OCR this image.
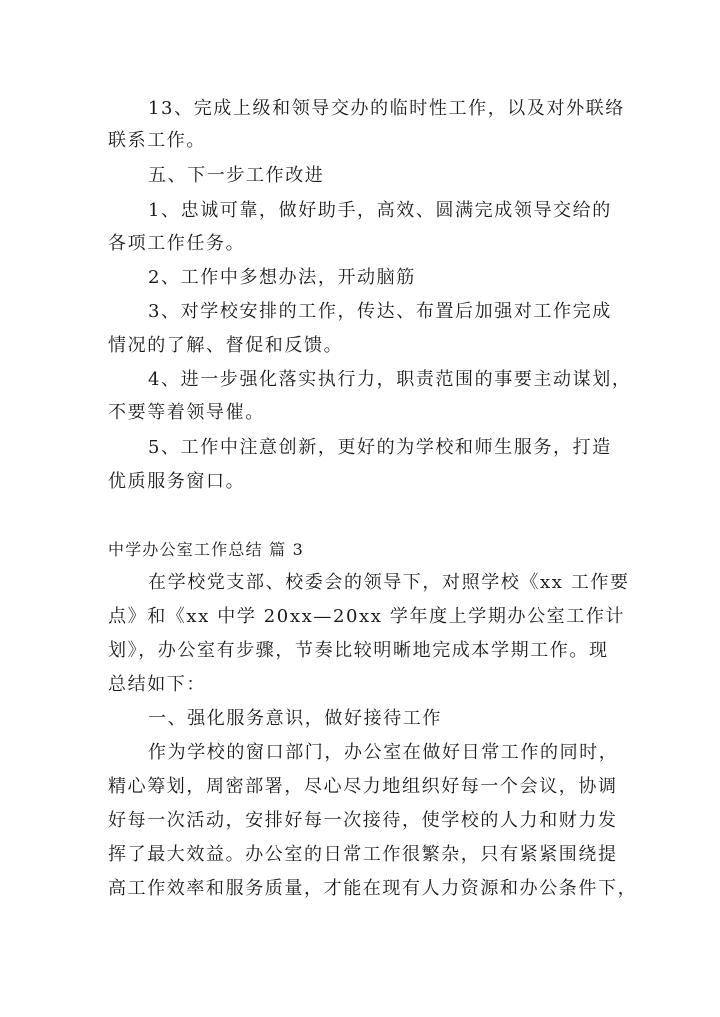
13、完成上级和领导交办的临时性工作，以及对外联络
联系工作。
五、下一步工作改进
1、忠诚可靠，做好助手，高效、圆满完成领导交给的
各项工作任务。
2、工作中多想办法，开动脑筋
3、对学校安排的工作，传达、布置后加强对工作完成
情况的了解、督促和反馈。
4、进一步强化落实执行力，职责范围的事要主动谋划，
不要等着领导催。
5、工作中注意创新，更好的为学校和师生服务，打造
优质服务窗口。
中学办公室工作总结 篇 3
在学校党支部、校委会的领导下，对照学校《xx 工作要
点》和《xx 中学 20xx—20xx 学年度上学期办公室工作计
划》，办公室有步骤，节奏比较明晰地完成本学期工作。现
总结如下：
一、强化服务意识，做好接待工作
作为学校的窗口部门，办公室在做好日常工作的同时，
精心筹划，周密部署，尽心尽力地组织好每一个会议，协调
好每一次活动，安排好每一次接待，使学校的人力和财力发
挥了最大效益。办公室的日常工作很繁杂，只有紧紧围绕提
高工作效率和服务质量，才能在现有人力资源和办公条件下，
